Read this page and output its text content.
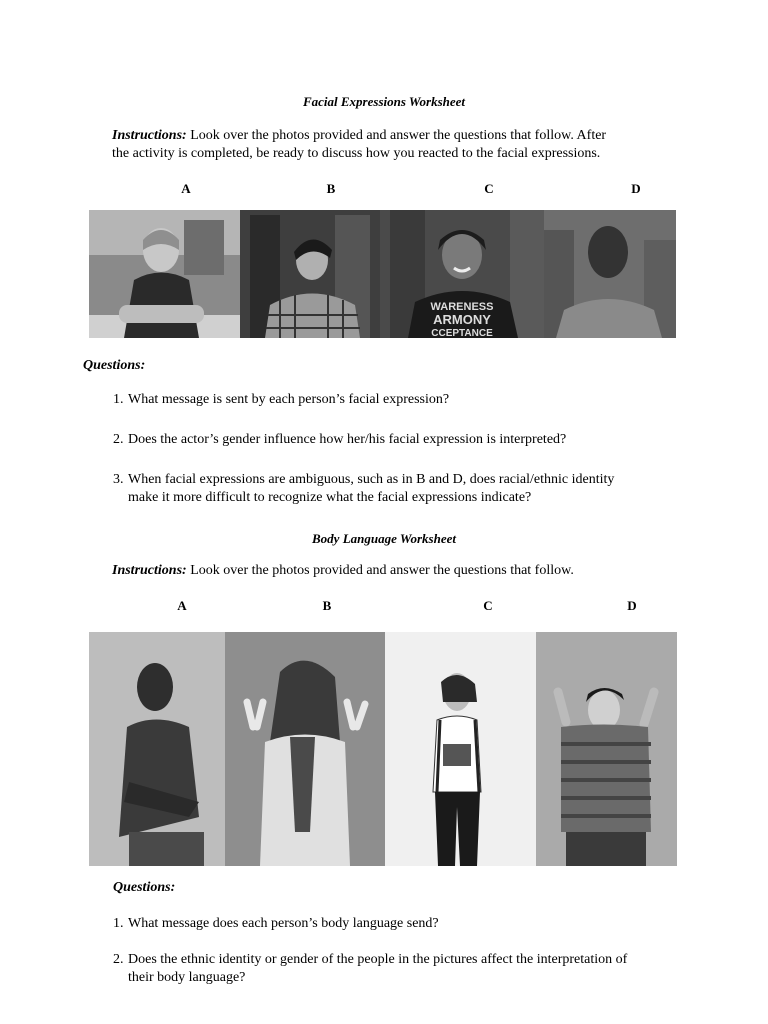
Facial Expressions Worksheet
Instructions: Look over the photos provided and answer the questions that follow. After
the activity is completed, be ready to discuss how you reacted to the facial expressions.
A	B	C	D
WARENESS
ARMONY
CCEPTANCE
Questions:
1. What message is sent by each person’s facial expression?
2. Does the actor’s gender influence how her/his facial expression is interpreted?
3. When facial expressions are ambiguous, such as in B and D, does racial/ethnic identity
make it more difficult to recognize what the facial expressions indicate?
Body Language Worksheet
Instructions: Look over the photos provided and answer the questions that follow.
A	B	C	D
Questions:
1. What message does each person’s body language send?
2. Does the ethnic identity or gender of the people in the pictures affect the interpretation of
their body language?
